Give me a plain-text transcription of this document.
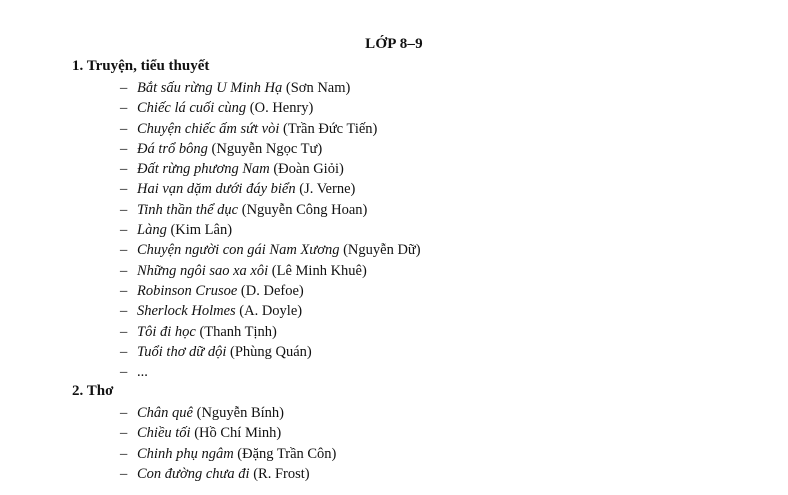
LỚP 8–9
1. Truyện, tiểu thuyết
– Bắt sấu rừng U Minh Hạ (Sơn Nam)
– Chiếc lá cuối cùng (O. Henry)
– Chuyện chiếc ấm sứt vòi (Trần Đức Tiến)
– Đá trổ bông (Nguyễn Ngọc Tư)
– Đất rừng phương Nam (Đoàn Giỏi)
– Hai vạn dặm dưới đáy biển (J. Verne)
– Tinh thần thể dục (Nguyễn Công Hoan)
– Làng (Kim Lân)
– Chuyện người con gái Nam Xương (Nguyễn Dữ)
– Những ngôi sao xa xôi (Lê Minh Khuê)
– Robinson Crusoe (D. Defoe)
– Sherlock Holmes (A. Doyle)
– Tôi đi học (Thanh Tịnh)
– Tuổi thơ dữ dội (Phùng Quán)
– ...
2. Thơ
– Chân quê (Nguyễn Bính)
– Chiều tối (Hồ Chí Minh)
– Chinh phụ ngâm (Đặng Trần Côn)
– Con đường chưa đi (R. Frost)
